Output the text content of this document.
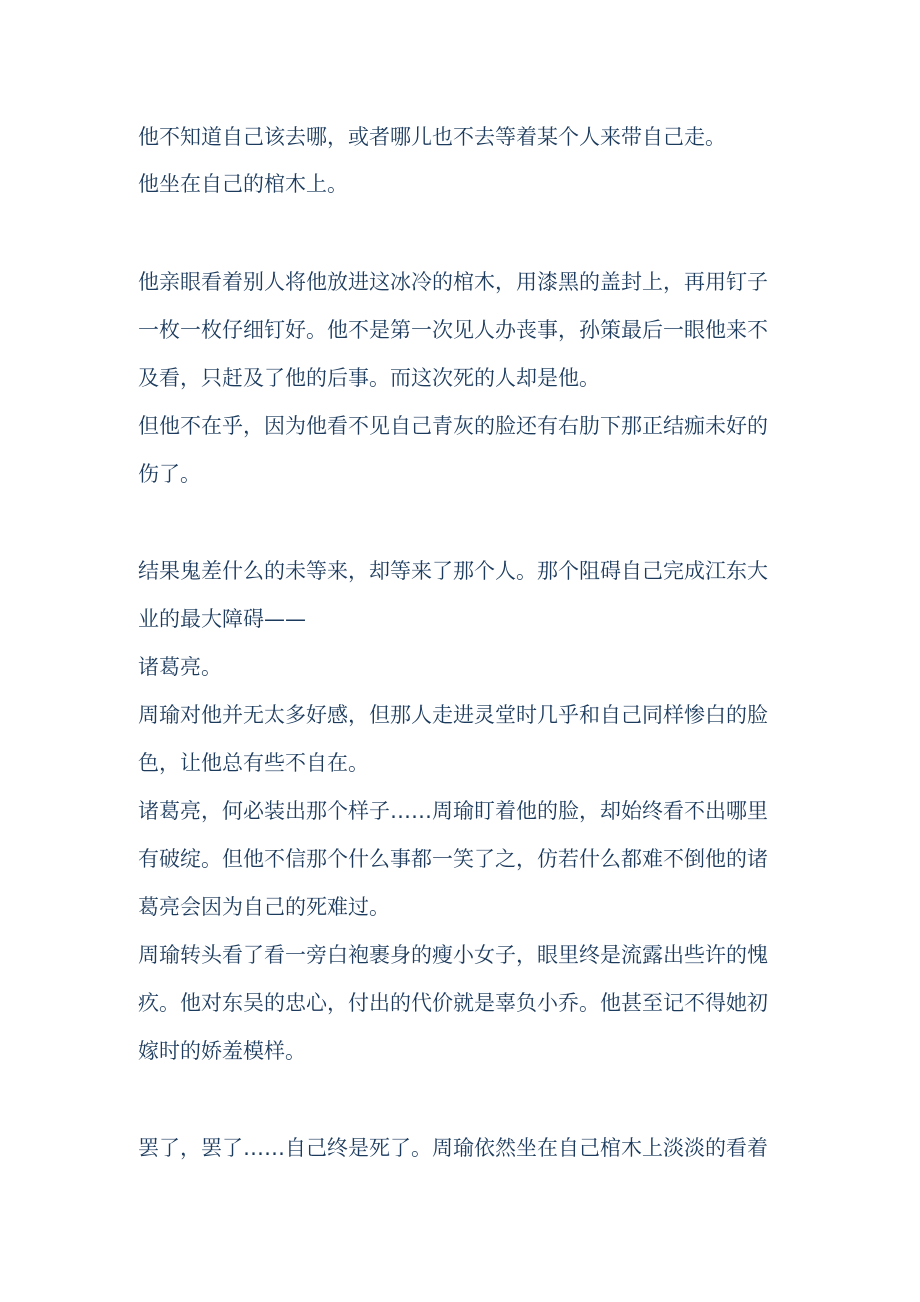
他不知道自己该去哪，或者哪儿也不去等着某个人来带自己走。
他坐在自己的棺木上。
他亲眼看着别人将他放进这冰冷的棺木，用漆黑的盖封上，再用钉子
一枚一枚仔细钉好。他不是第一次见人办丧事，孙策最后一眼他来不
及看，只赶及了他的后事。而这次死的人却是他。
但他不在乎，因为他看不见自己青灰的脸还有右肋下那正结痂未好的
伤了。
结果鬼差什么的未等来，却等来了那个人。那个阻碍自己完成江东大
业的最大障碍——
诸葛亮。
周瑜对他并无太多好感，但那人走进灵堂时几乎和自己同样惨白的脸
色，让他总有些不自在。
诸葛亮，何必装出那个样子……周瑜盯着他的脸，却始终看不出哪里
有破绽。但他不信那个什么事都一笑了之，仿若什么都难不倒他的诸
葛亮会因为自己的死难过。
周瑜转头看了看一旁白袍裹身的瘦小女子，眼里终是流露出些许的愧
疚。他对东吴的忠心，付出的代价就是辜负小乔。他甚至记不得她初
嫁时的娇羞模样。
罢了，罢了……自己终是死了。周瑜依然坐在自己棺木上淡淡的看着
